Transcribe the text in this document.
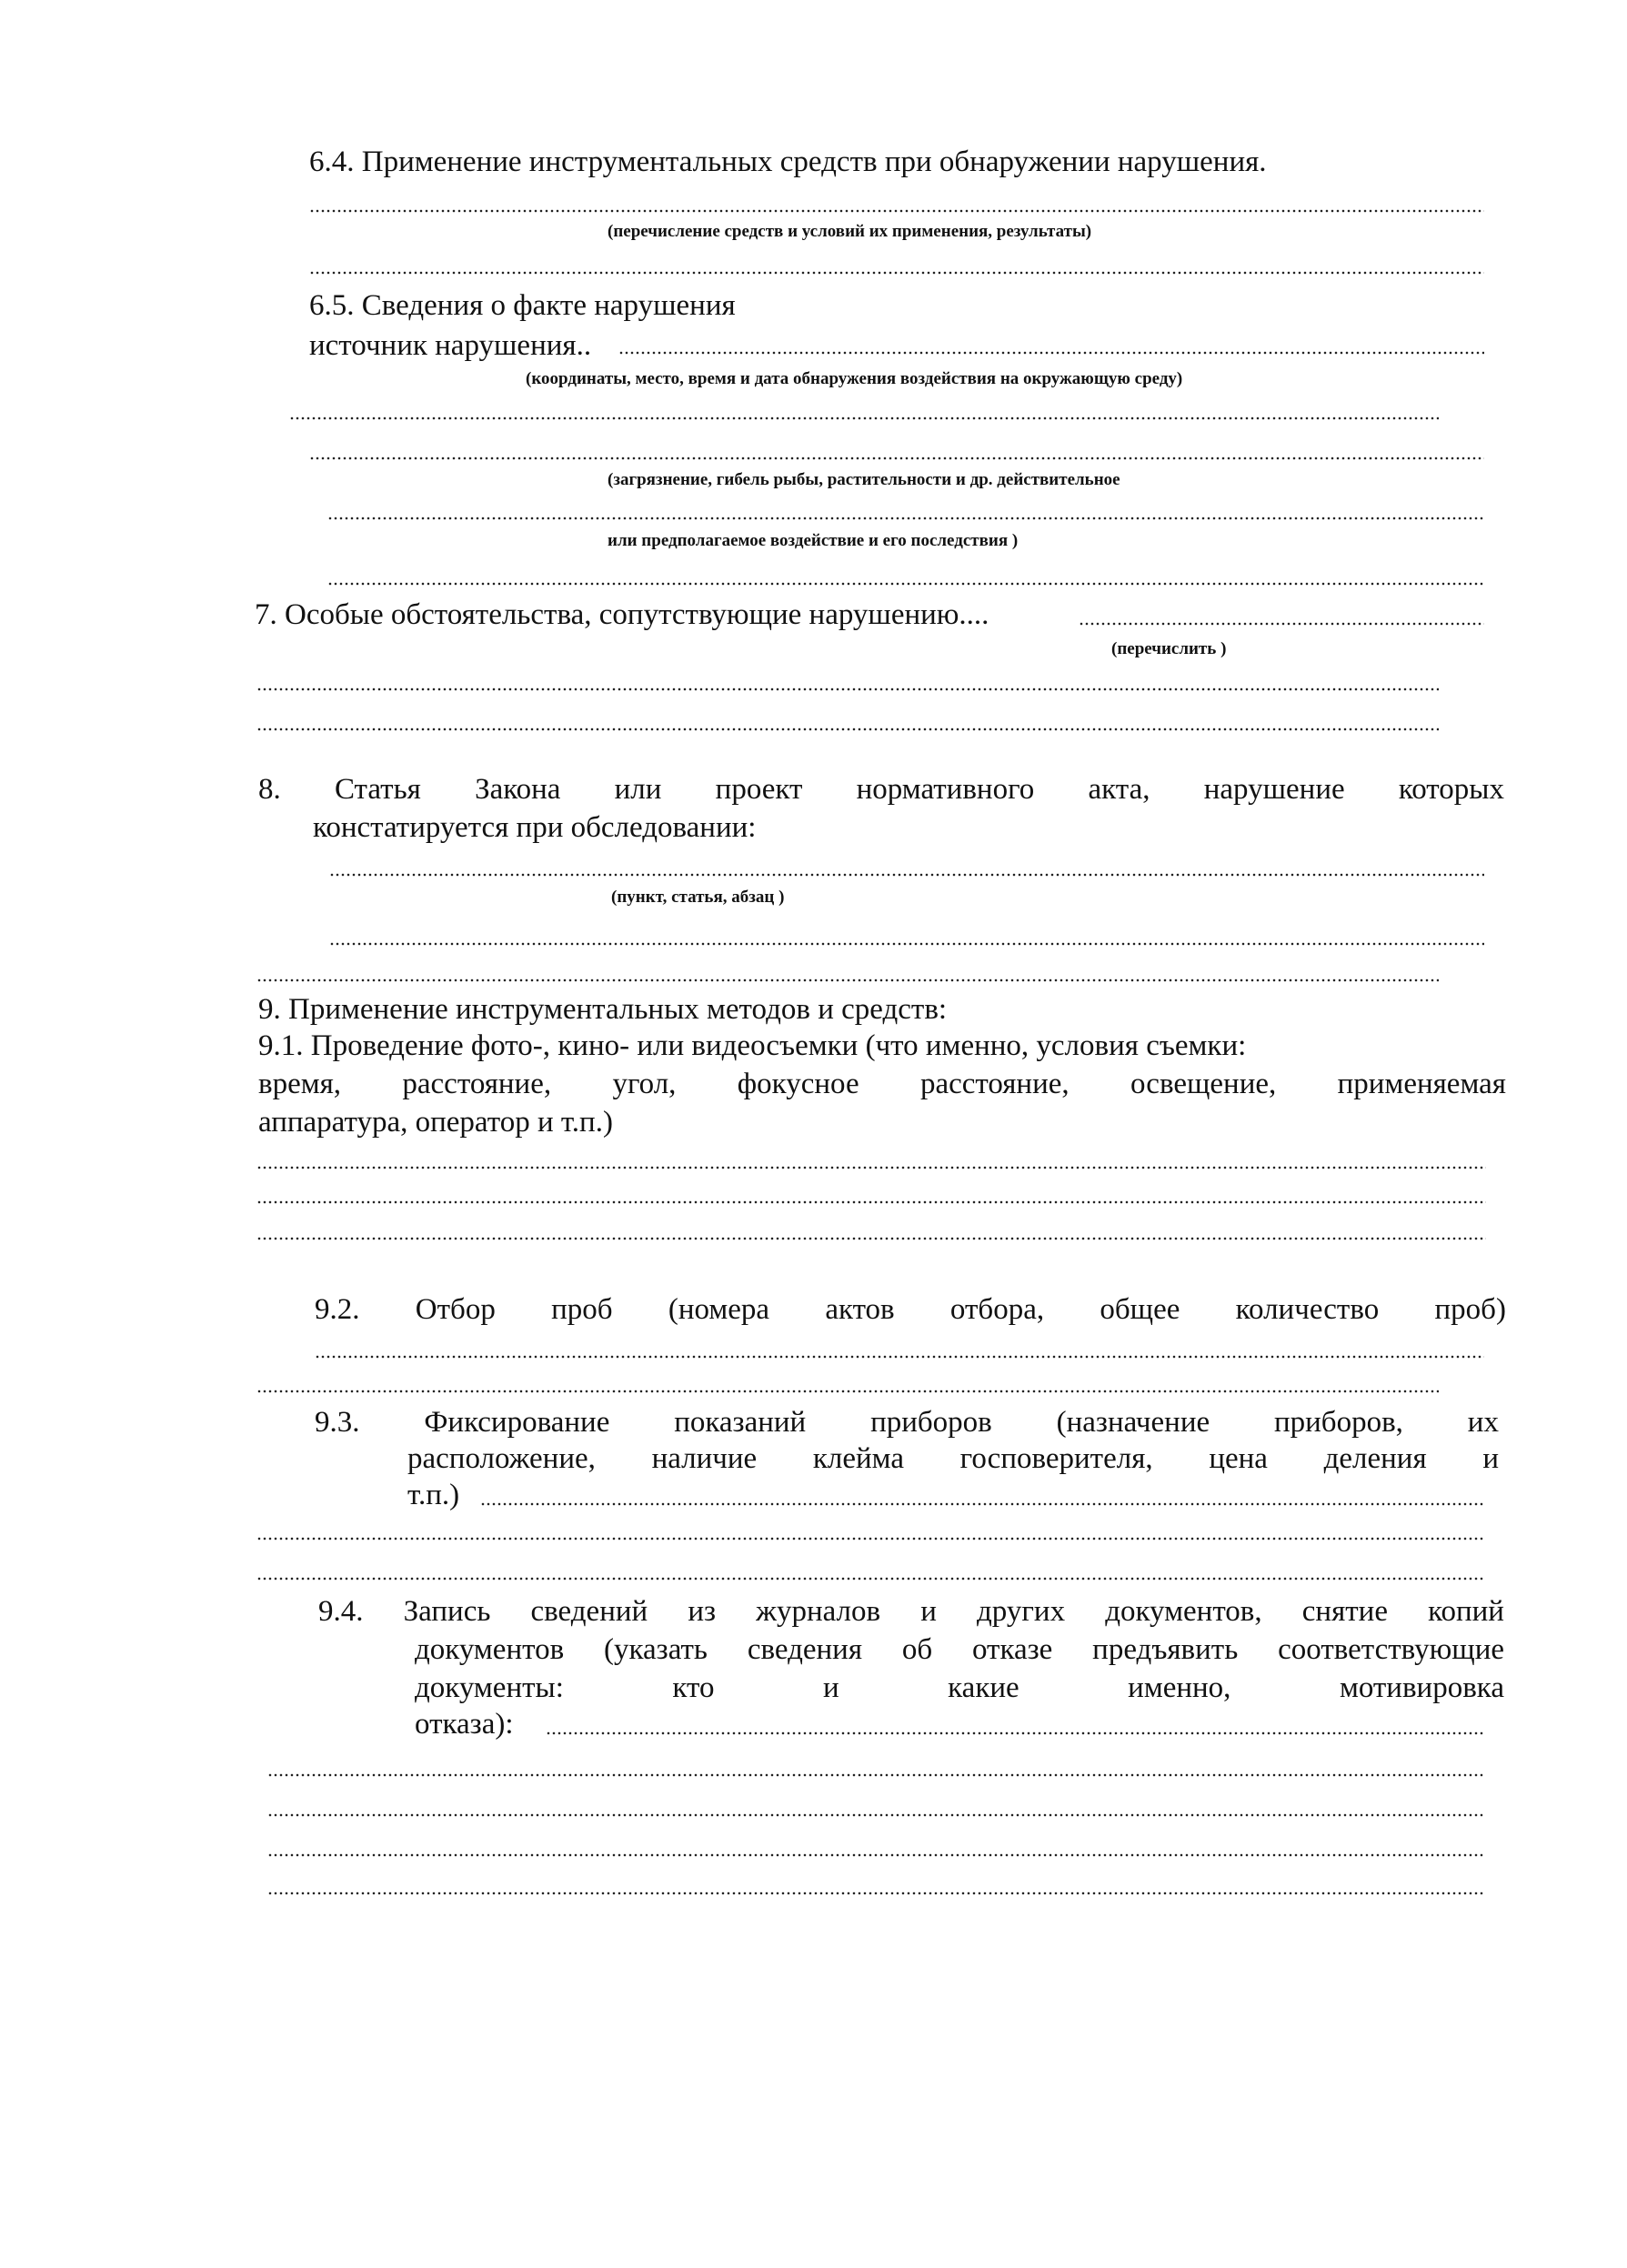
6.4. Применение инструментальных средств при обнаружении нарушения.
(перечисление средств и условий их применения, результаты)
6.5. Сведения о факте нарушения
источник нарушения..
(координаты, место, время и дата обнаружения воздействия на окружающую среду)
(загрязнение, гибель рыбы, растительности и др. действительное
или предполагаемое воздействие и его последствия )
7. Особые обстоятельства, сопутствующие нарушению....
(перечислить )
8. Статья Закона или проект нормативного акта, нарушение которых
констатируется при обследовании:
(пункт, статья, абзац )
9. Применение инструментальных методов и средств:
9.1. Проведение фото-, кино- или видеосъемки (что именно, условия съемки:
время, расстояние, угол, фокусное расстояние, освещение, применяемая
аппаратура, оператор и т.п.)
9.2. Отбор проб (номера актов отбора, общее количество проб)
9.3. Фиксирование показаний приборов (назначение приборов, их
расположение, наличие клейма госповерителя, цена деления и
т.п.)
9.4. Запись сведений из журналов и других документов, снятие копий
документов (указать сведения об отказе предъявить соответствующие
документы:	кто	и	какие	именно,	мотивировка
отказа):
